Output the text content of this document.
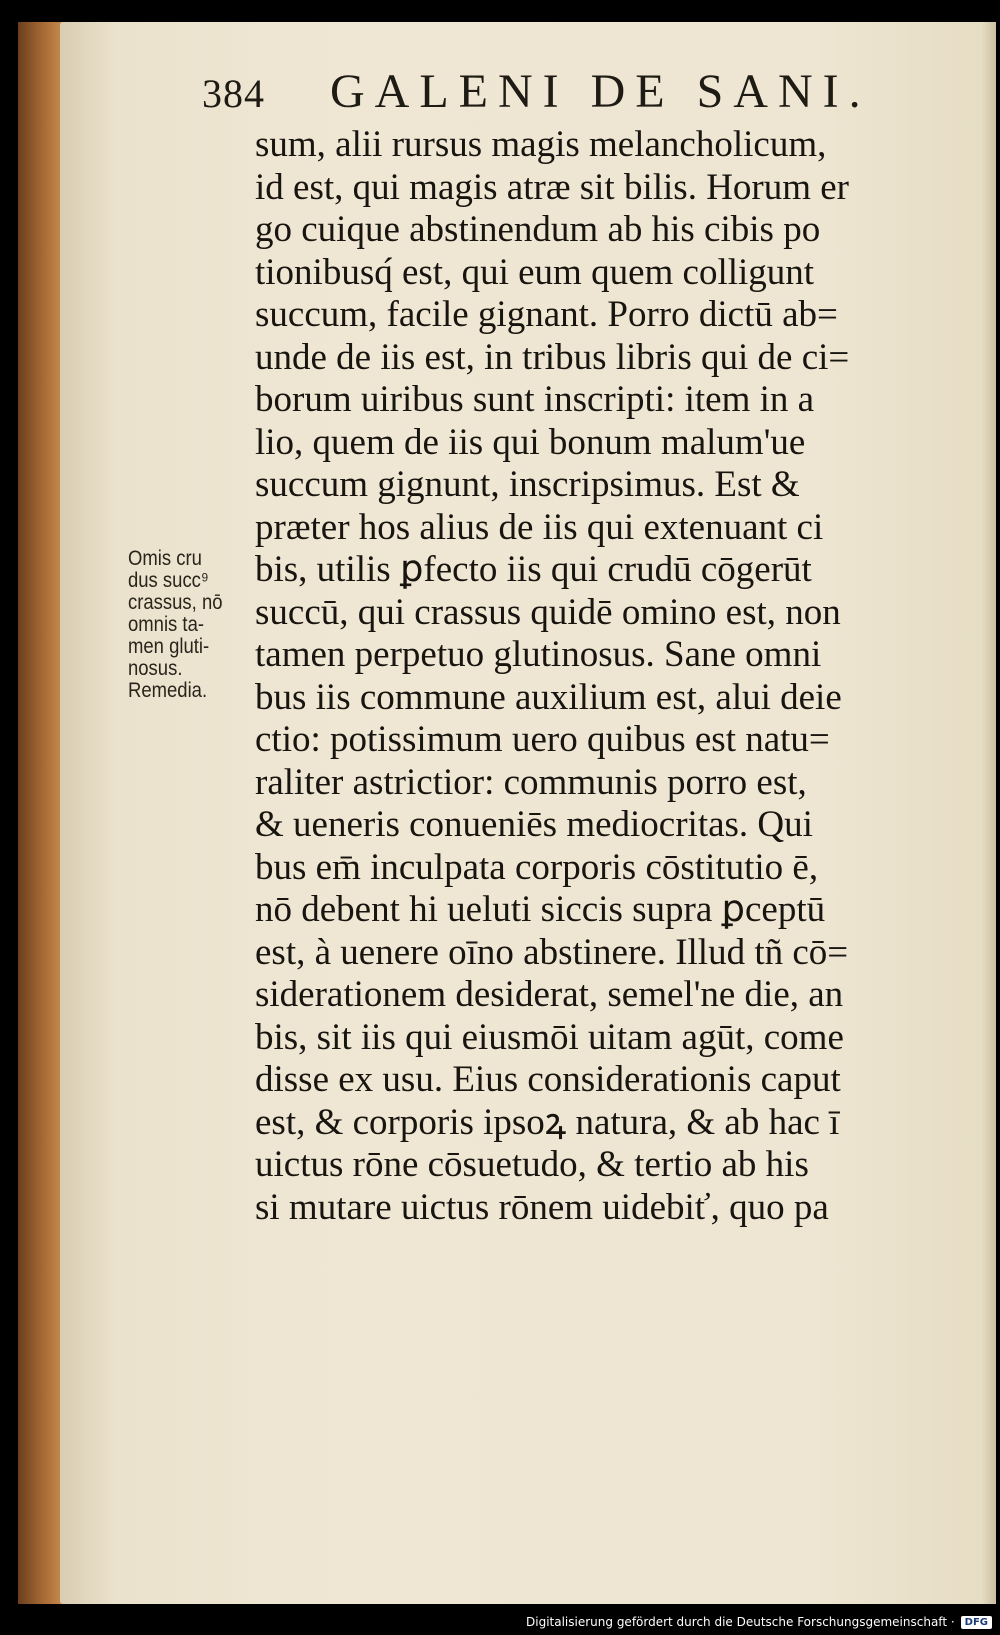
384 GALENI DE SANI.
Omis cru
dus succ⁹
crassus, nō
omnis ta-
men gluti-
nosus.
Remedia.
sum, alii rursus magis melancholicum,
id est, qui magis atræ sit bilis. Horum er
go cuique abstinendum ab his cibis po
tionibusq́ est, qui eum quem colligunt
succum, facile gignant. Porro dictū ab=
unde de iis est, in tribus libris qui de ci=
borum uiribus sunt inscripti: item in a
lio, quem de iis qui bonum malum'ue
succum gignunt, inscripsimus. Est &
præter hos alius de iis qui extenuant ci
bis, utilis ꝑfecto iis qui crudū cōgerūt
succū, qui crassus quidē omino est, non
tamen perpetuo glutinosus. Sane omni
bus iis commune auxilium est, alui deie
ctio: potissimum uero quibus est natu=
raliter astrictior: communis porro est,
& ueneris conueniēs mediocritas. Qui
bus em̄ inculpata corporis cōstitutio ē,
nō debent hi ueluti siccis supra ꝑceptū
est, à uenere oīno abstinere. Illud tñ cō=
siderationem desiderat, semel'ne die, an
bis, sit iis qui eiusmōi uitam agūt, come
disse ex usu. Eius considerationis caput
est, & corporis ipsoꝝ natura, & ab hac ī
uictus rōne cōsuetudo, & tertio ab his
si mutare uictus rōnem uidebiť, quo pa
Digitalisierung gefördert durch die Deutsche Forschungsgemeinschaft ·	DFG
